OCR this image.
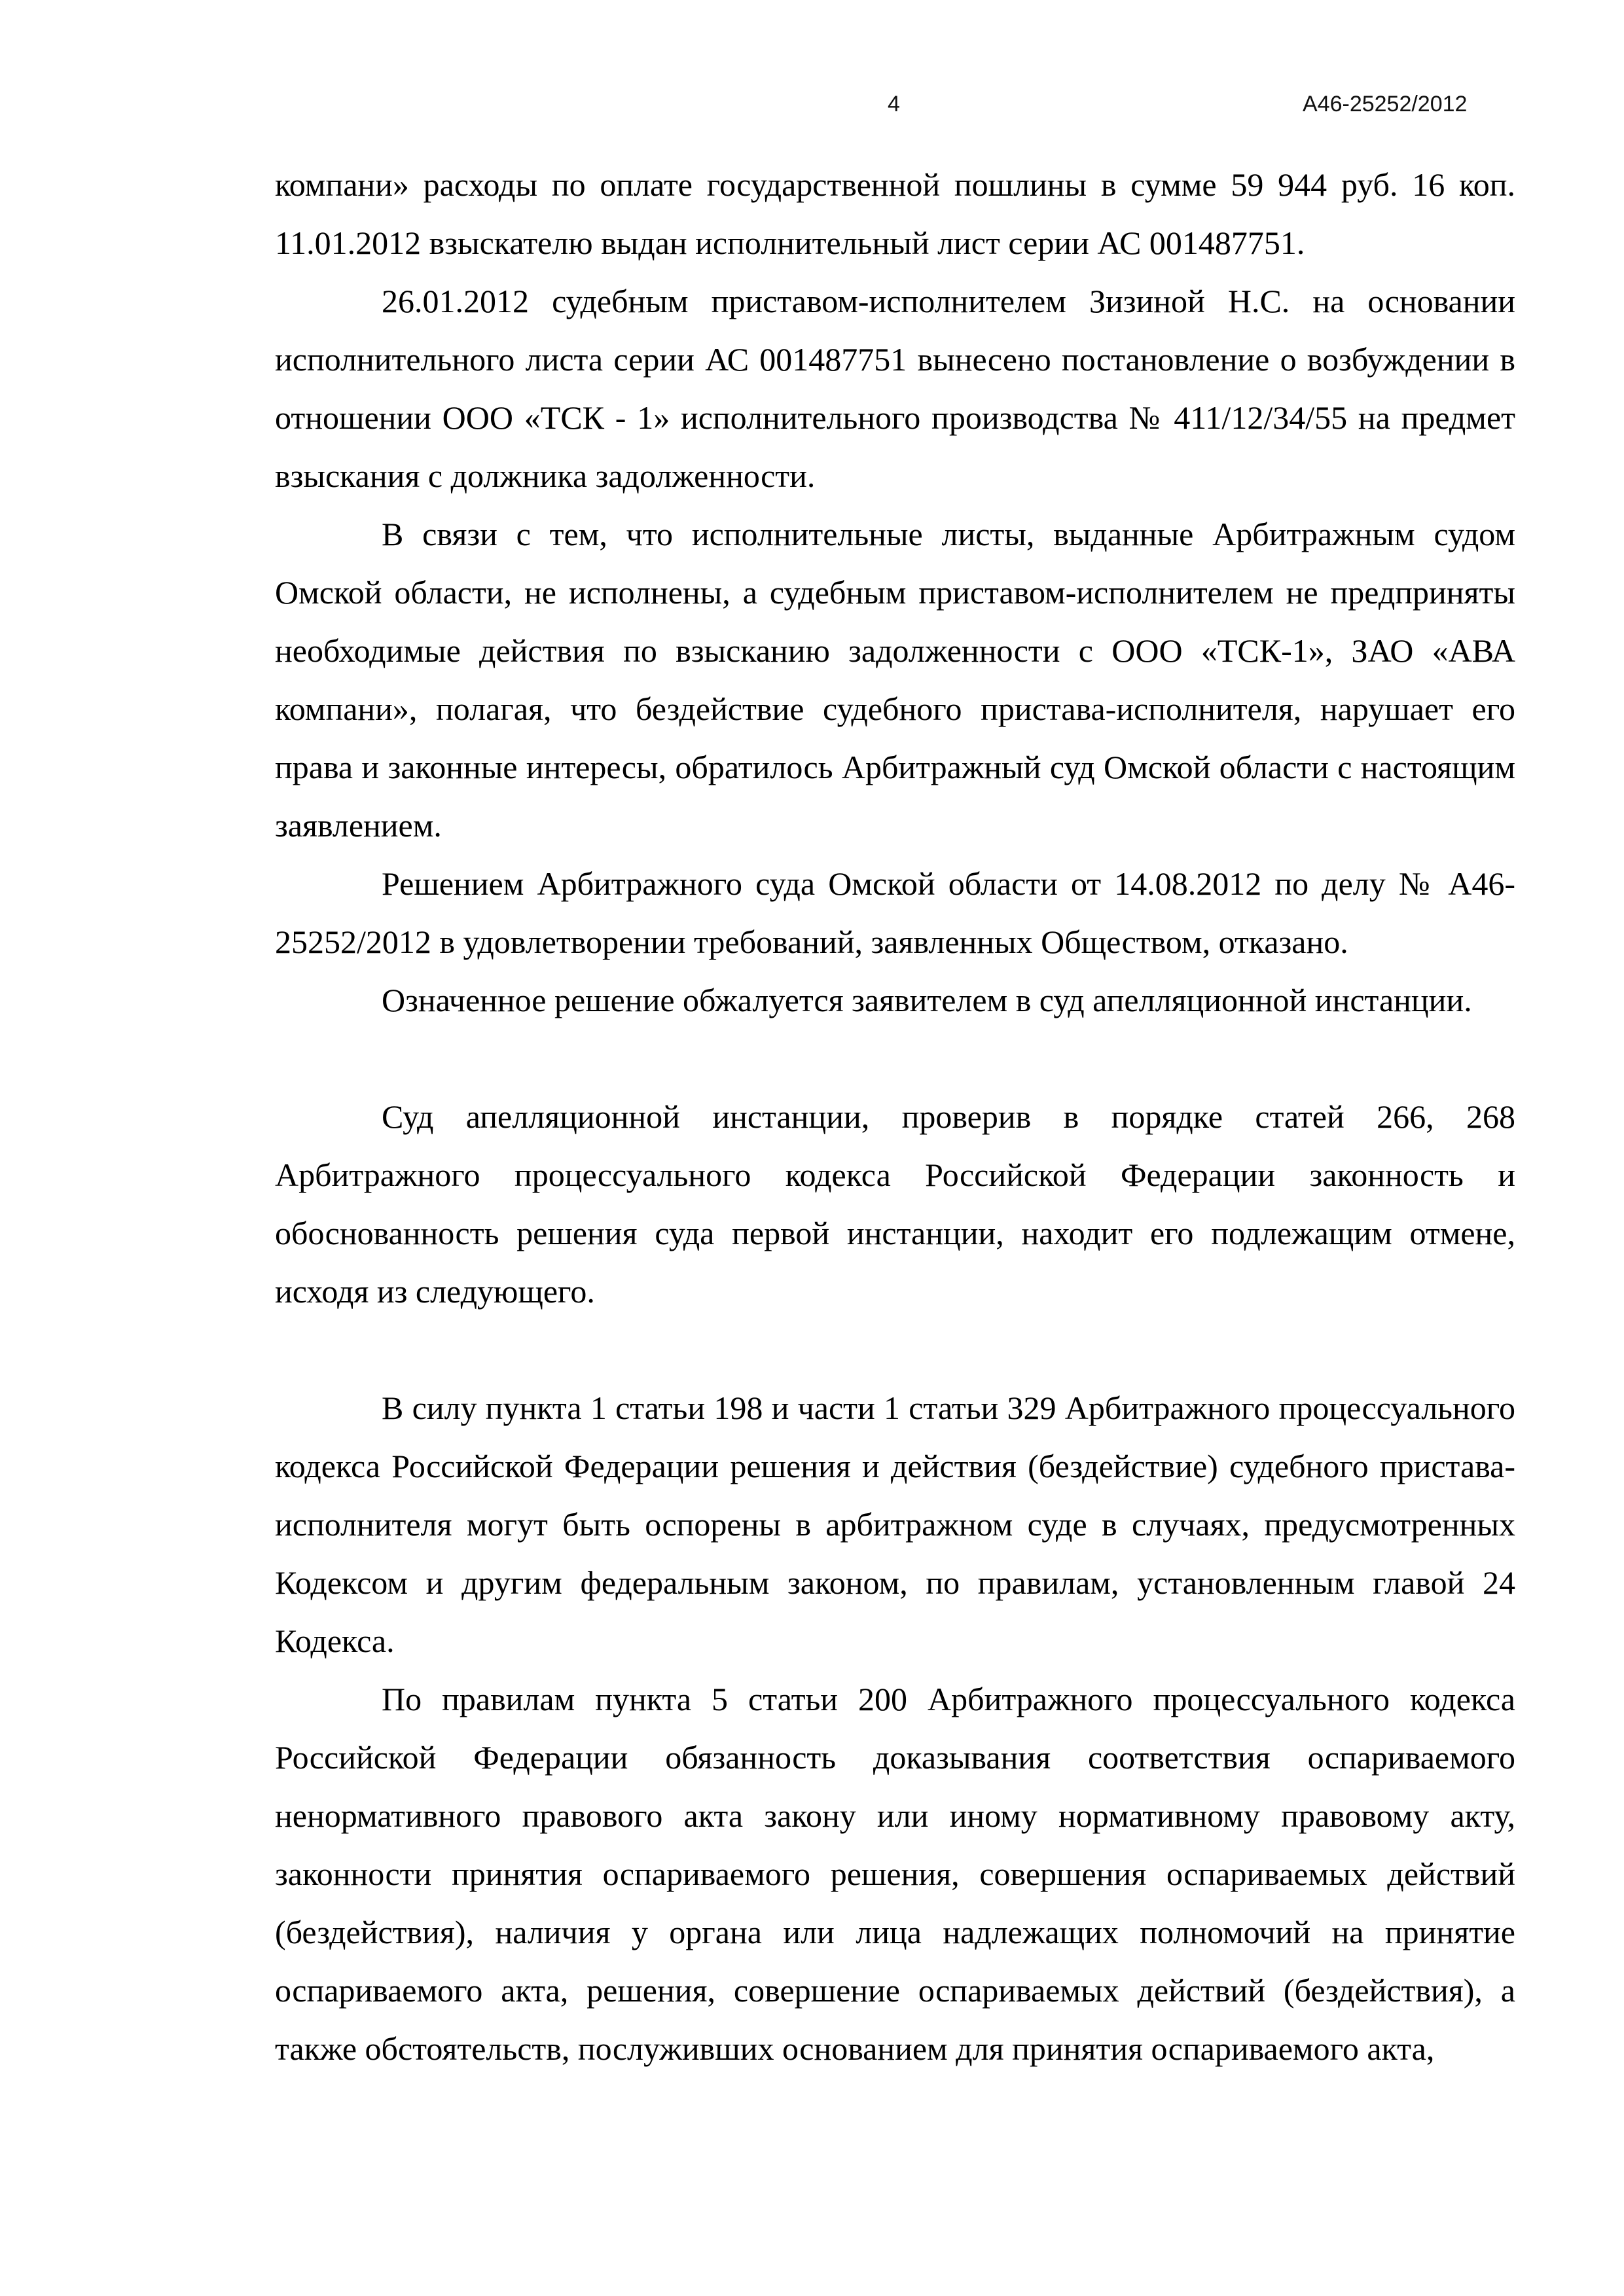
4	А46-25252/2012

компани» расходы по оплате государственной пошлины в сумме 59 944 руб. 16 коп. 11.01.2012 взыскателю выдан исполнительный лист серии АС 001487751.

26.01.2012 судебным приставом-исполнителем Зизиной Н.С. на основании исполнительного листа серии АС 001487751 вынесено постановление о возбуждении в отношении ООО «ТСК - 1» исполнительного производства № 411/12/34/55 на предмет взыскания с должника задолженности.

В связи с тем, что исполнительные листы, выданные Арбитражным судом Омской области, не исполнены, а судебным приставом-исполнителем не предприняты необходимые действия по взысканию задолженности с ООО «ТСК-1», ЗАО «АВА компани», полагая, что бездействие судебного пристава-исполнителя, нарушает его права и законные интересы, обратилось Арбитражный суд Омской области с настоящим заявлением.

Решением Арбитражного суда Омской области от 14.08.2012 по делу № А46-25252/2012 в удовлетворении требований, заявленных Обществом, отказано.

Означенное решение обжалуется заявителем в суд апелляционной инстанции.

Суд апелляционной инстанции, проверив в порядке статей 266, 268 Арбитражного процессуального кодекса Российской Федерации законность и обоснованность решения суда первой инстанции, находит его подлежащим отмене, исходя из следующего.

В силу пункта 1 статьи 198 и части 1 статьи 329 Арбитражного процессуального кодекса Российской Федерации решения и действия (бездействие) судебного пристава-исполнителя могут быть оспорены в арбитражном суде в случаях, предусмотренных Кодексом и другим федеральным законом, по правилам, установленным главой 24 Кодекса.

По правилам пункта 5 статьи 200 Арбитражного процессуального кодекса Российской Федерации обязанность доказывания соответствия оспариваемого ненормативного правового акта закону или иному нормативному правовому акту, законности принятия оспариваемого решения, совершения оспариваемых действий (бездействия), наличия у органа или лица надлежащих полномочий на принятие оспариваемого акта, решения, совершение оспариваемых действий (бездействия), а также обстоятельств, послуживших основанием для принятия оспариваемого акта,
